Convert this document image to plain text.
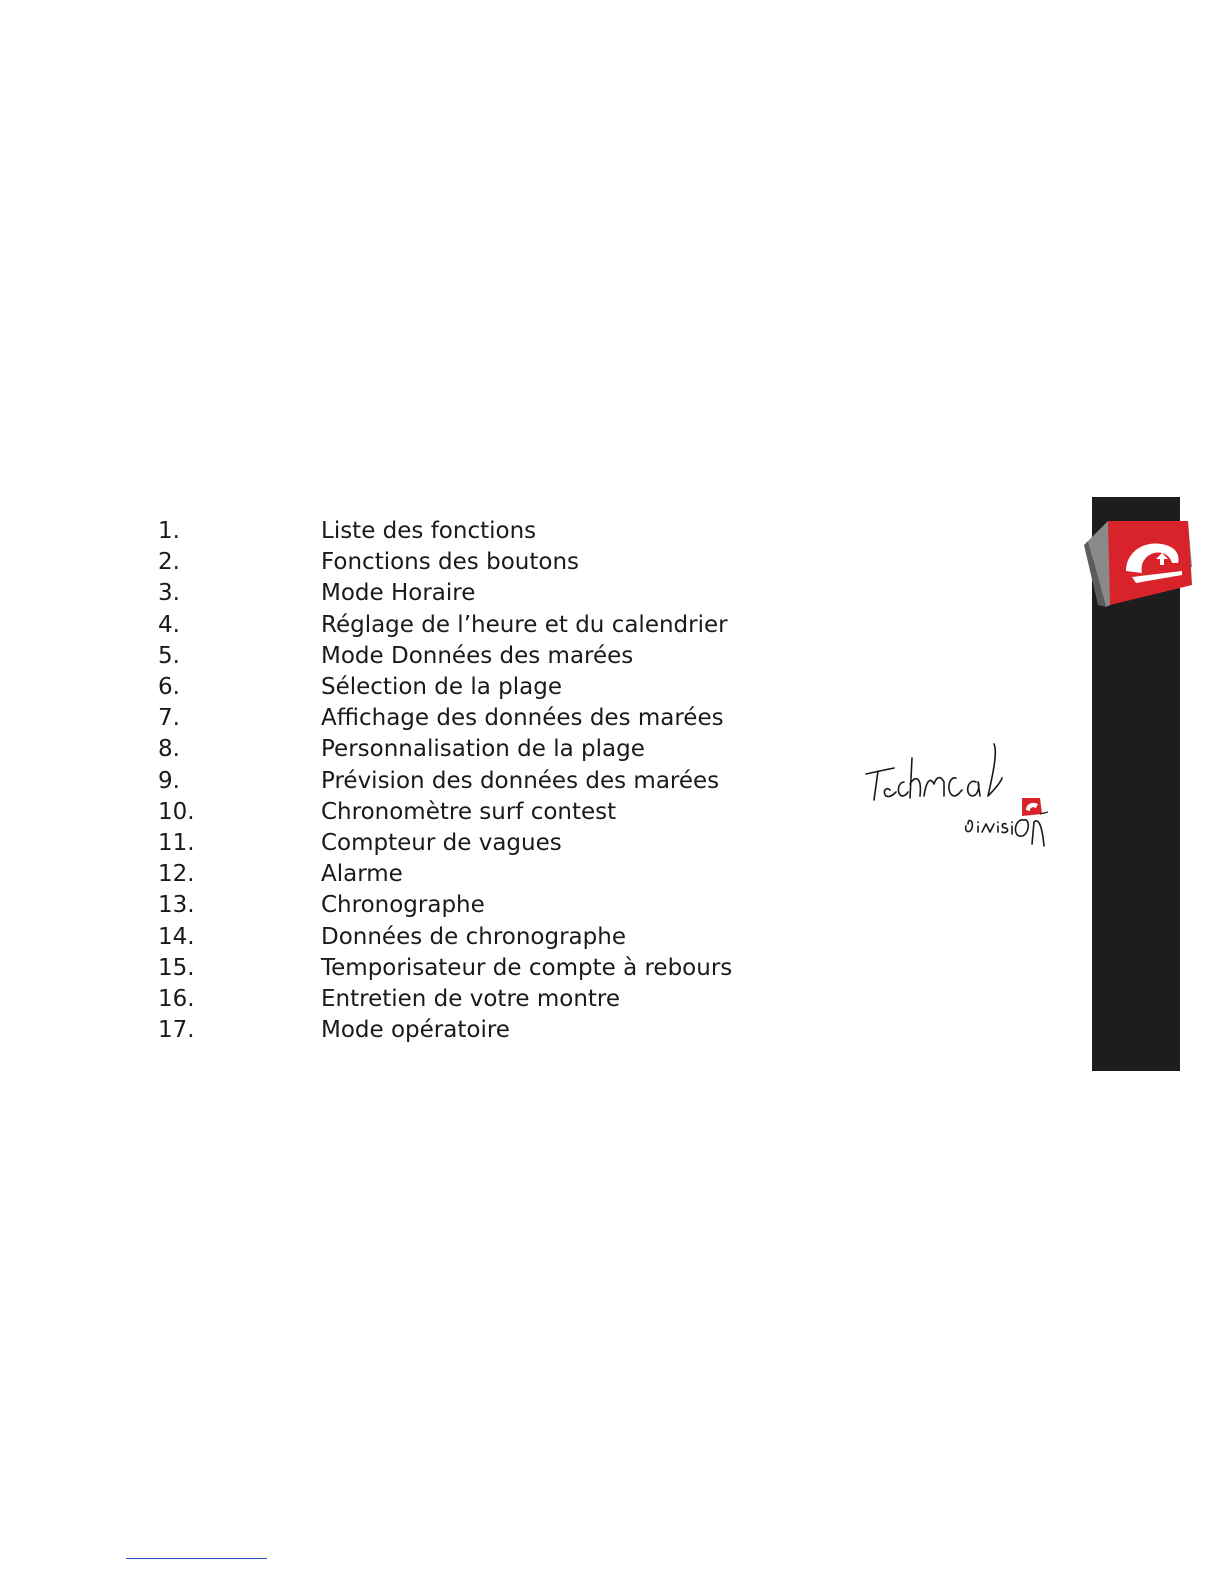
1.	Liste des fonctions
2.	Fonctions des boutons
3.	Mode Horaire
4.	Réglage de l’heure et du calendrier
5.	Mode Données des marées
6.	Sélection de la plage
7.	Affichage des données des marées
8.	Personnalisation de la plage
9.	Prévision des données des marées
10.	Chronomètre surf contest
11.	Compteur de vagues
12.	Alarme
13.	Chronographe
14.	Données de chronographe
15.	Temporisateur de compte à rebours
16.	Entretien de votre montre
17.	Mode opératoire
